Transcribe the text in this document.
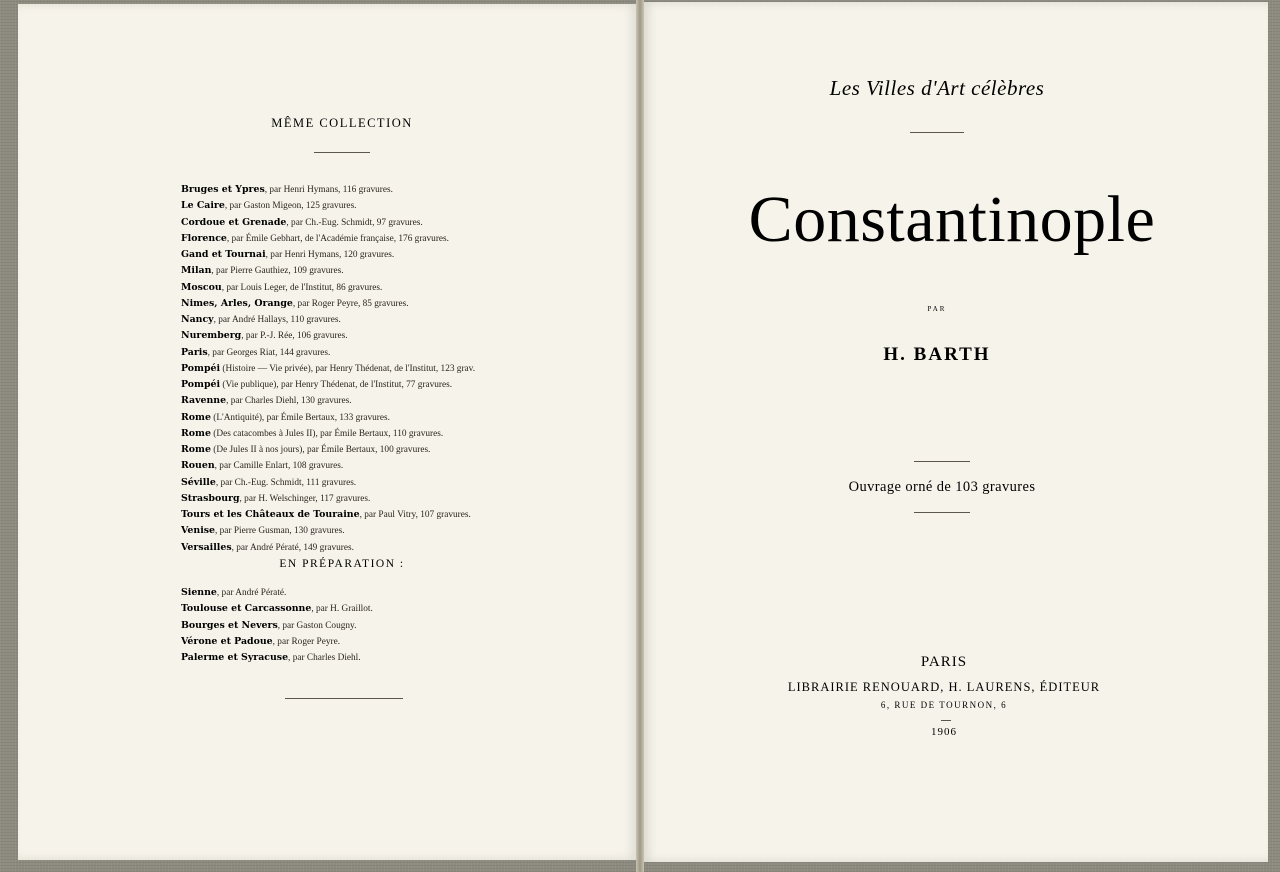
MÊME COLLECTION
Bruges et Ypres, par Henri Hymans, 116 gravures.
Le Caire, par Gaston Migeon, 125 gravures.
Cordoue et Grenade, par Ch.-Eug. Schmidt, 97 gravures.
Florence, par Émile Gebhart, de l'Académie française, 176 gravures.
Gand et Tournai, par Henri Hymans, 120 gravures.
Milan, par Pierre Gauthiez, 109 gravures.
Moscou, par Louis Leger, de l'Institut, 86 gravures.
Nimes, Arles, Orange, par Roger Peyre, 85 gravures.
Nancy, par André Hallays, 110 gravures.
Nuremberg, par P.-J. Rée, 106 gravures.
Paris, par Georges Riat, 144 gravures.
Pompéi (Histoire — Vie privée), par Henry Thédenat, de l'Institut, 123 grav.
Pompéi (Vie publique), par Henry Thédenat, de l'Institut, 77 gravures.
Ravenne, par Charles Diehl, 130 gravures.
Rome (L'Antiquité), par Émile Bertaux, 133 gravures.
Rome (Des catacombes à Jules II), par Émile Bertaux, 110 gravures.
Rome (De Jules II à nos jours), par Émile Bertaux, 100 gravures.
Rouen, par Camille Enlart, 108 gravures.
Séville, par Ch.-Eug. Schmidt, 111 gravures.
Strasbourg, par H. Welschinger, 117 gravures.
Tours et les Châteaux de Touraine, par Paul Vitry, 107 gravures.
Venise, par Pierre Gusman, 130 gravures.
Versailles, par André Pératé, 149 gravures.
EN PRÉPARATION :
Sienne, par André Pératé.
Toulouse et Carcassonne, par H. Graillot.
Bourges et Nevers, par Gaston Cougny.
Vérone et Padoue, par Roger Peyre.
Palerme et Syracuse, par Charles Diehl.
Les Villes d'Art célèbres
Constantinople
PAR
H. BARTH
Ouvrage orné de 103 gravures
PARIS
LIBRAIRIE RENOUARD, H. LAURENS, ÉDITEUR
6, RUE DE TOURNON, 6
1906
